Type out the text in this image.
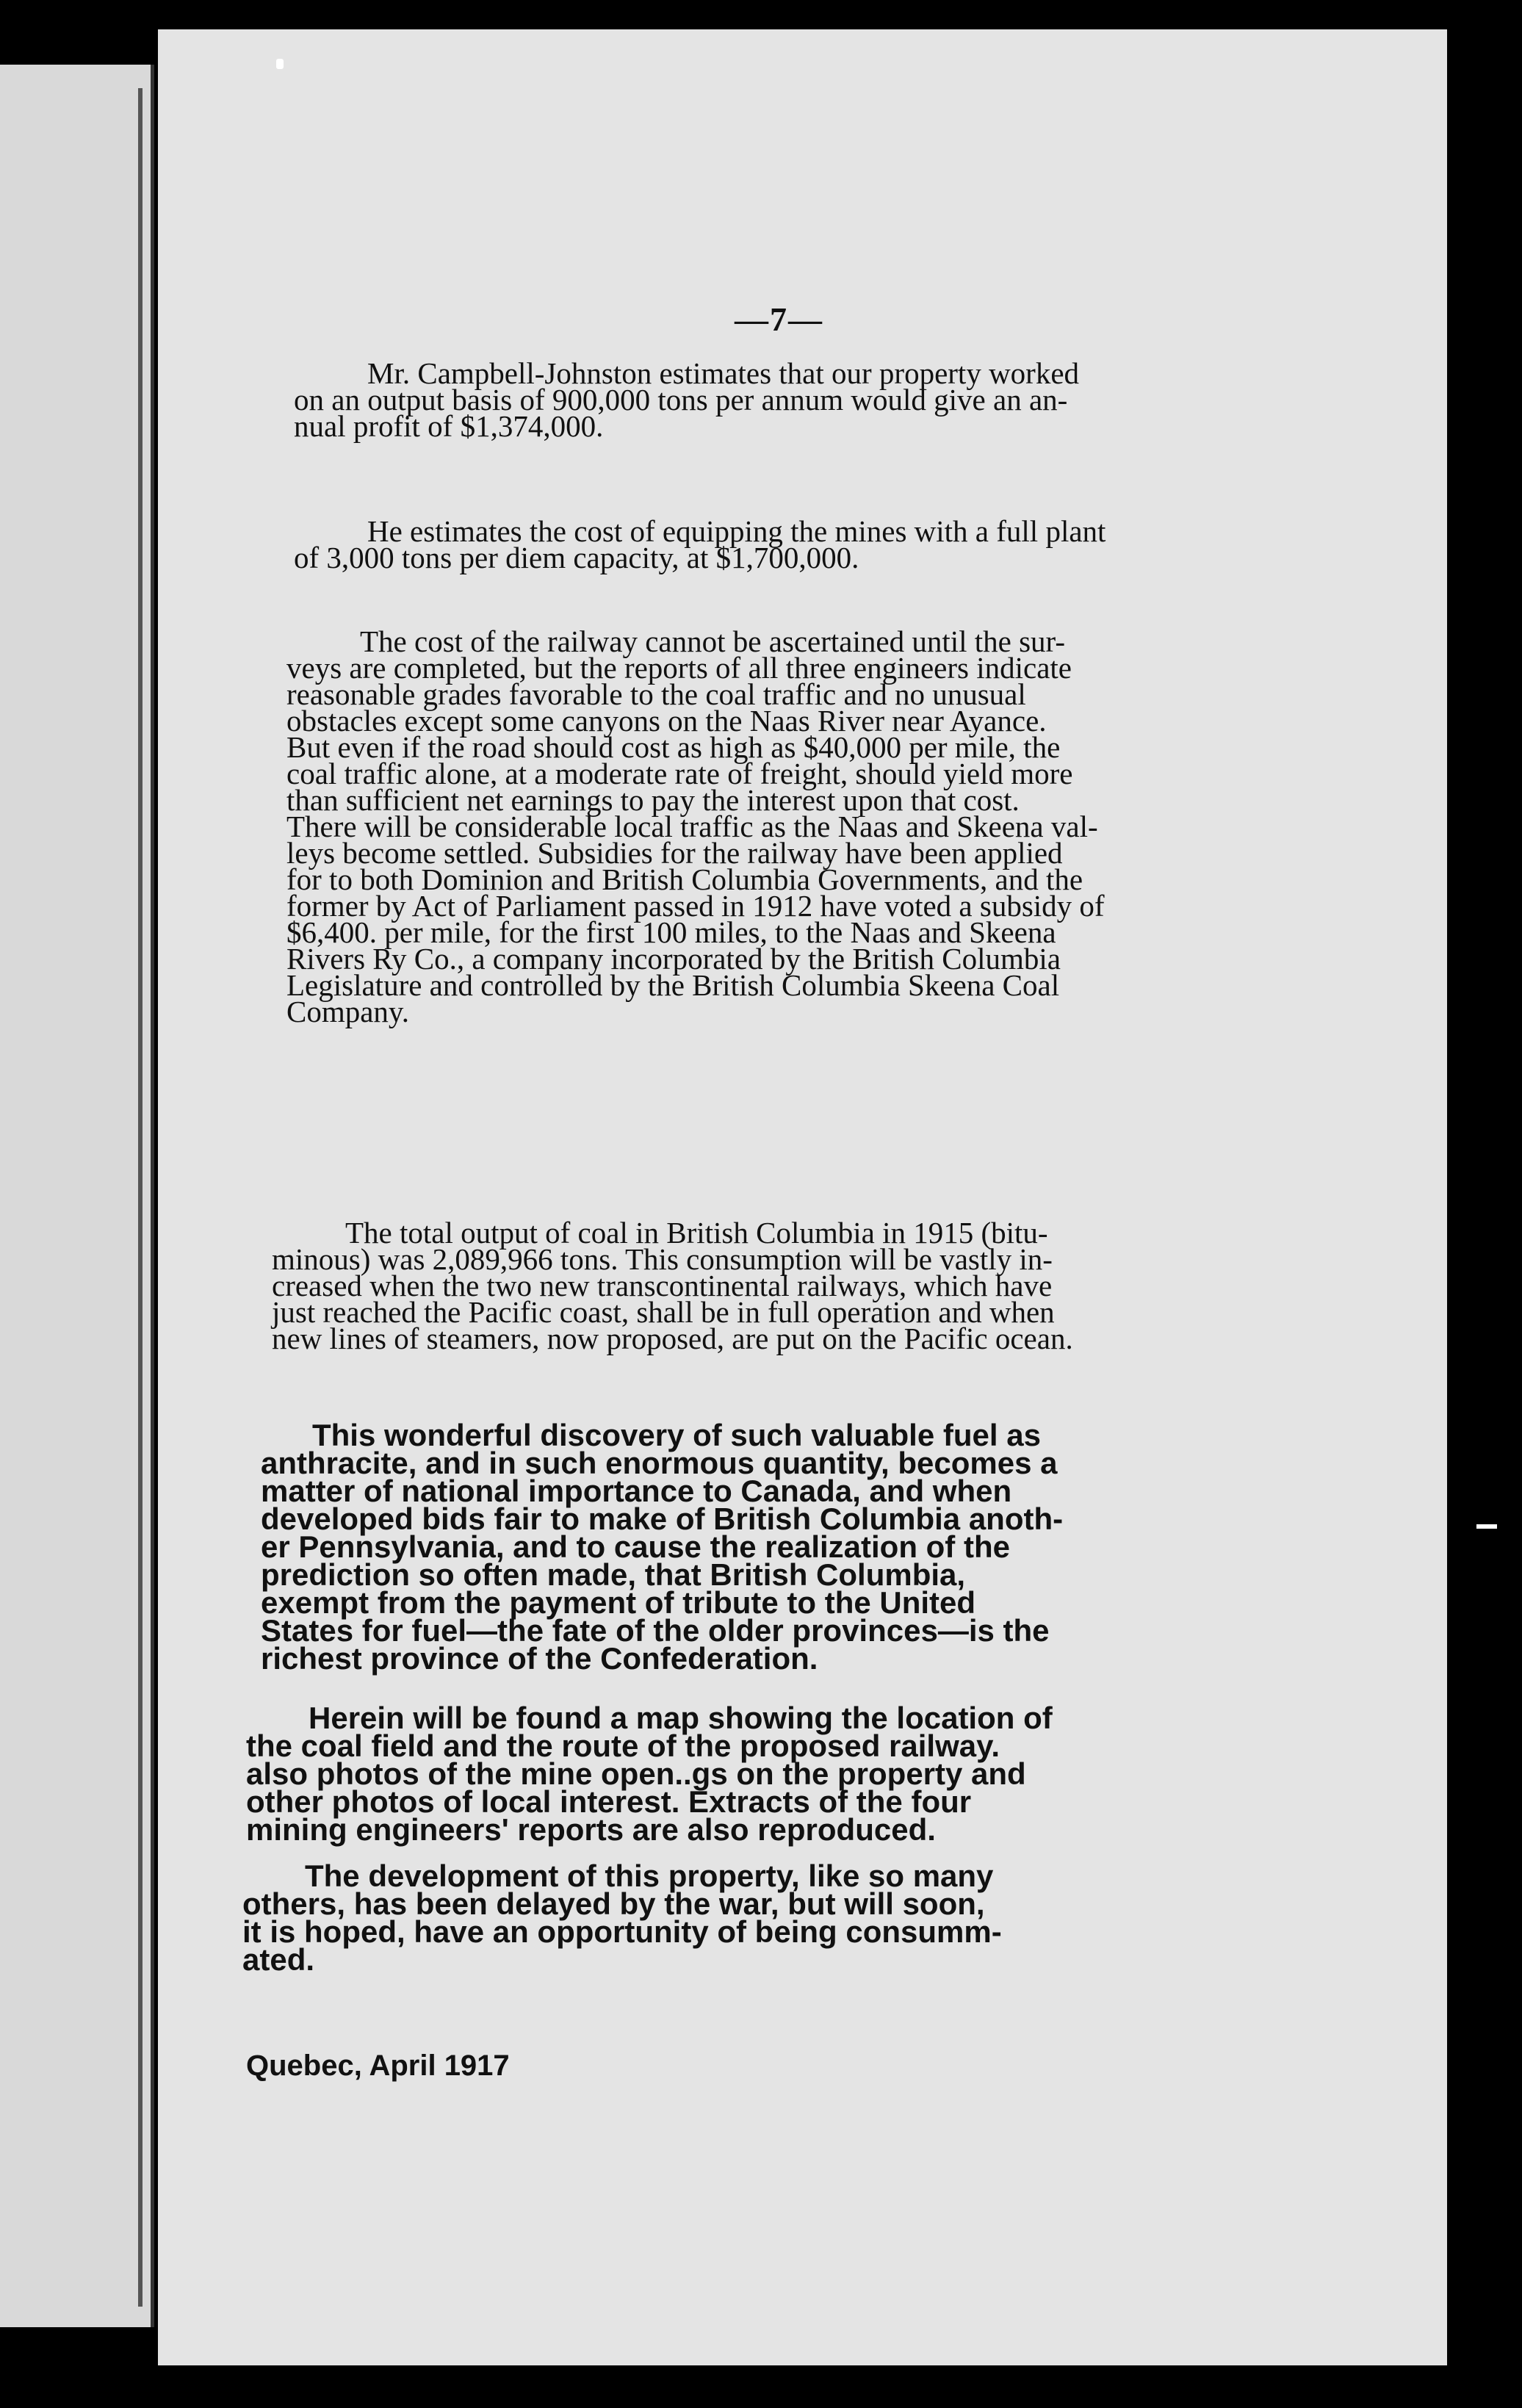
—7—
Mr. Campbell-Johnston estimates that our property worked
on an output basis of 900,000 tons per annum would give an an-
nual profit of $1,374,000.
He estimates the cost of equipping the mines with a full plant
of 3,000 tons per diem capacity, at $1,700,000.
The cost of the railway cannot be ascertained until the sur-
veys are completed, but the reports of all three engineers indicate
reasonable grades favorable to the coal traffic and no unusual
obstacles except some canyons on the Naas River near Ayance.
But even if the road should cost as high as $40,000 per mile, the
coal traffic alone, at a moderate rate of freight, should yield more
than sufficient net earnings to pay the interest upon that cost.
There will be considerable local traffic as the Naas and Skeena val-
leys become settled. Subsidies for the railway have been applied
for to both Dominion and British Columbia Governments, and the
former by Act of Parliament passed in 1912 have voted a subsidy of
$6,400. per mile, for the first 100 miles, to the Naas and Skeena
Rivers Ry Co., a company incorporated by the British Columbia
Legislature and controlled by the British Columbia Skeena Coal
Company.
The total output of coal in British Columbia in 1915 (bitu-
minous) was 2,089,966 tons. This consumption will be vastly in-
creased when the two new transcontinental railways, which have
just reached the Pacific coast, shall be in full operation and when
new lines of steamers, now proposed, are put on the Pacific ocean.
This wonderful discovery of such valuable fuel as
anthracite, and in such enormous quantity, becomes a
matter of national importance to Canada, and when
developed bids fair to make of British Columbia anoth-
er Pennsylvania, and to cause the realization of the
prediction so often made, that British Columbia,
exempt from the payment of tribute to the United
States for fuel—the fate of the older provinces—is the
richest province of the Confederation.
Herein will be found a map showing the location of
the coal field and the route of the proposed railway.
also photos of the mine open..gs on the property and
other photos of local interest. Extracts of the four
mining engineers' reports are also reproduced.
The development of this property, like so many
others, has been delayed by the war, but will soon,
it is hoped, have an opportunity of being consumm-
ated.
Quebec, April 1917
